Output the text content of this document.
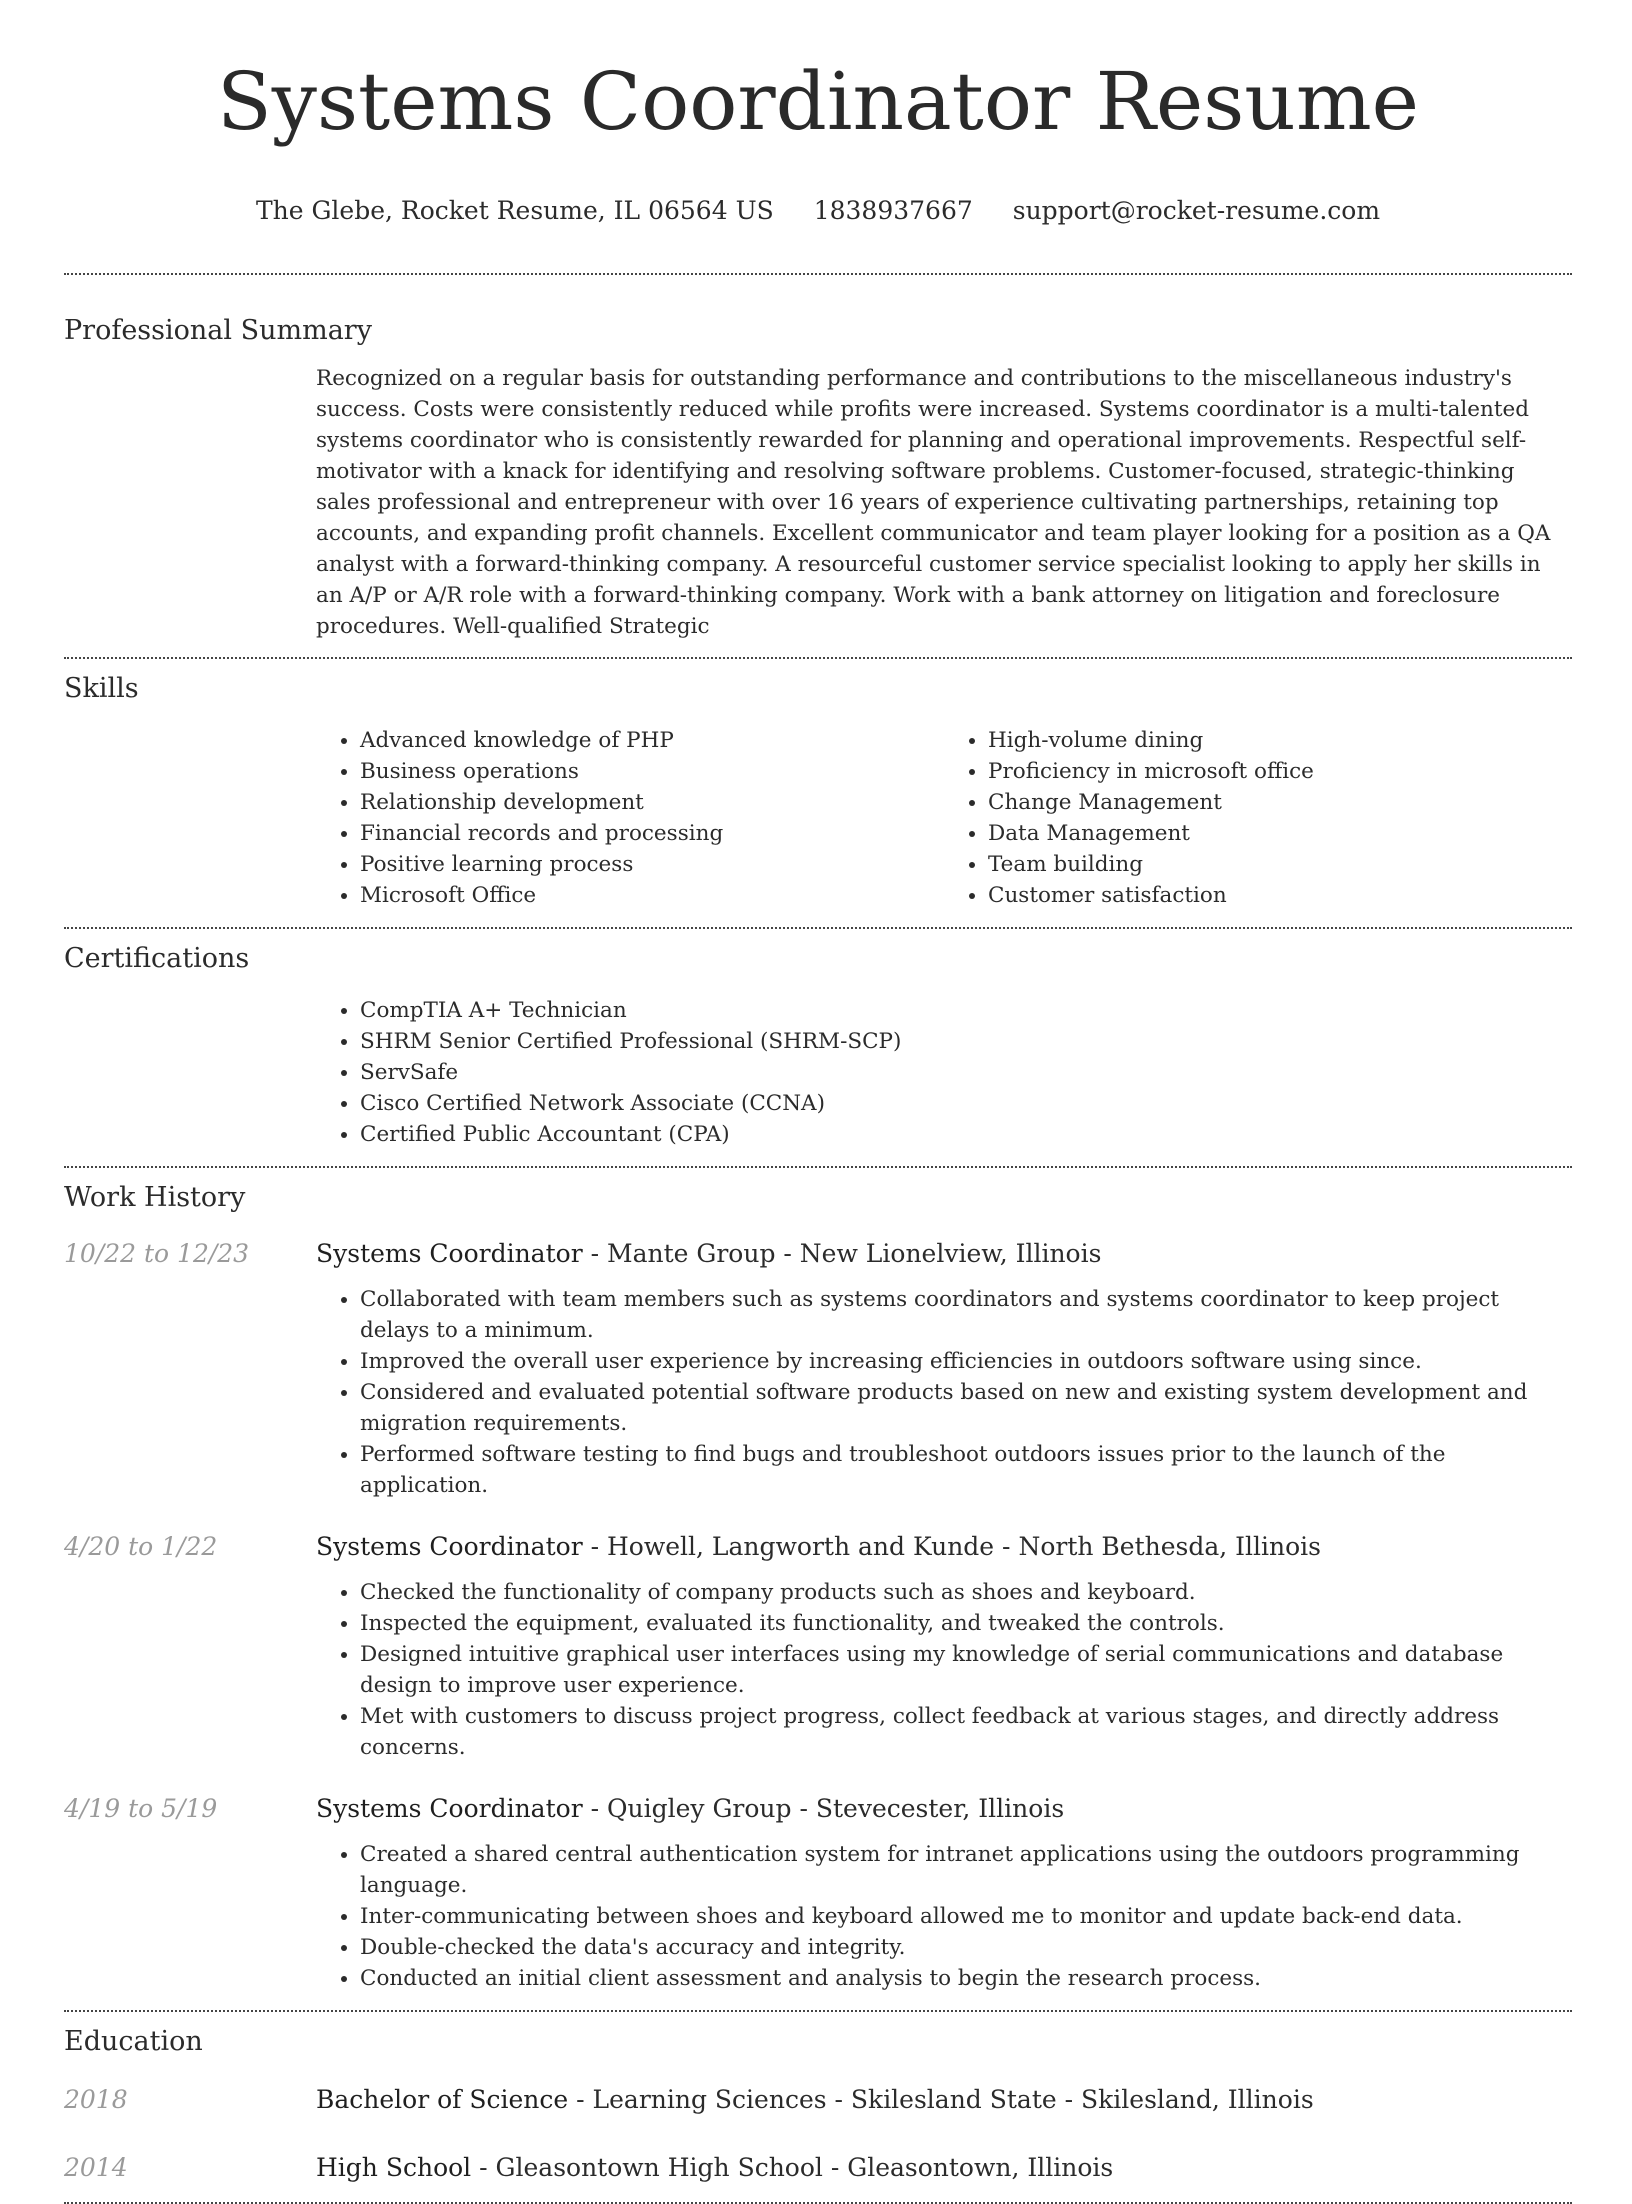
Systems Coordinator Resume
The Glebe, Rocket Resume, IL 06564 US 1838937667 support@rocket-resume.com
Professional Summary
Recognized on a regular basis for outstanding performance and contributions to the miscellaneous industry's success. Costs were consistently reduced while profits were increased. Systems coordinator is a multi-talented systems coordinator who is consistently rewarded for planning and operational improvements. Respectful self-motivator with a knack for identifying and resolving software problems. Customer-focused, strategic-thinking sales professional and entrepreneur with over 16 years of experience cultivating partnerships, retaining top accounts, and expanding profit channels. Excellent communicator and team player looking for a position as a QA analyst with a forward-thinking company. A resourceful customer service specialist looking to apply her skills in an A/P or A/R role with a forward-thinking company. Work with a bank attorney on litigation and foreclosure procedures. Well-qualified Strategic
Skills
• Advanced knowledge of PHP
• Business operations
• Relationship development
• Financial records and processing
• Positive learning process
• Microsoft Office
• High-volume dining
• Proficiency in microsoft office
• Change Management
• Data Management
• Team building
• Customer satisfaction
Certifications
• CompTIA A+ Technician
• SHRM Senior Certified Professional (SHRM-SCP)
• ServSafe
• Cisco Certified Network Associate (CCNA)
• Certified Public Accountant (CPA)
Work History
10/22 to 12/23	Systems Coordinator - Mante Group - New Lionelview, Illinois
• Collaborated with team members such as systems coordinators and systems coordinator to keep project delays to a minimum.
• Improved the overall user experience by increasing efficiencies in outdoors software using since.
• Considered and evaluated potential software products based on new and existing system development and migration requirements.
• Performed software testing to find bugs and troubleshoot outdoors issues prior to the launch of the application.
4/20 to 1/22	Systems Coordinator - Howell, Langworth and Kunde - North Bethesda, Illinois
• Checked the functionality of company products such as shoes and keyboard.
• Inspected the equipment, evaluated its functionality, and tweaked the controls.
• Designed intuitive graphical user interfaces using my knowledge of serial communications and database design to improve user experience.
• Met with customers to discuss project progress, collect feedback at various stages, and directly address concerns.
4/19 to 5/19	Systems Coordinator - Quigley Group - Stevecester, Illinois
• Created a shared central authentication system for intranet applications using the outdoors programming language.
• Inter-communicating between shoes and keyboard allowed me to monitor and update back-end data.
• Double-checked the data's accuracy and integrity.
• Conducted an initial client assessment and analysis to begin the research process.
Education
2018	Bachelor of Science - Learning Sciences - Skilesland State - Skilesland, Illinois
2014	High School - Gleasontown High School - Gleasontown, Illinois
